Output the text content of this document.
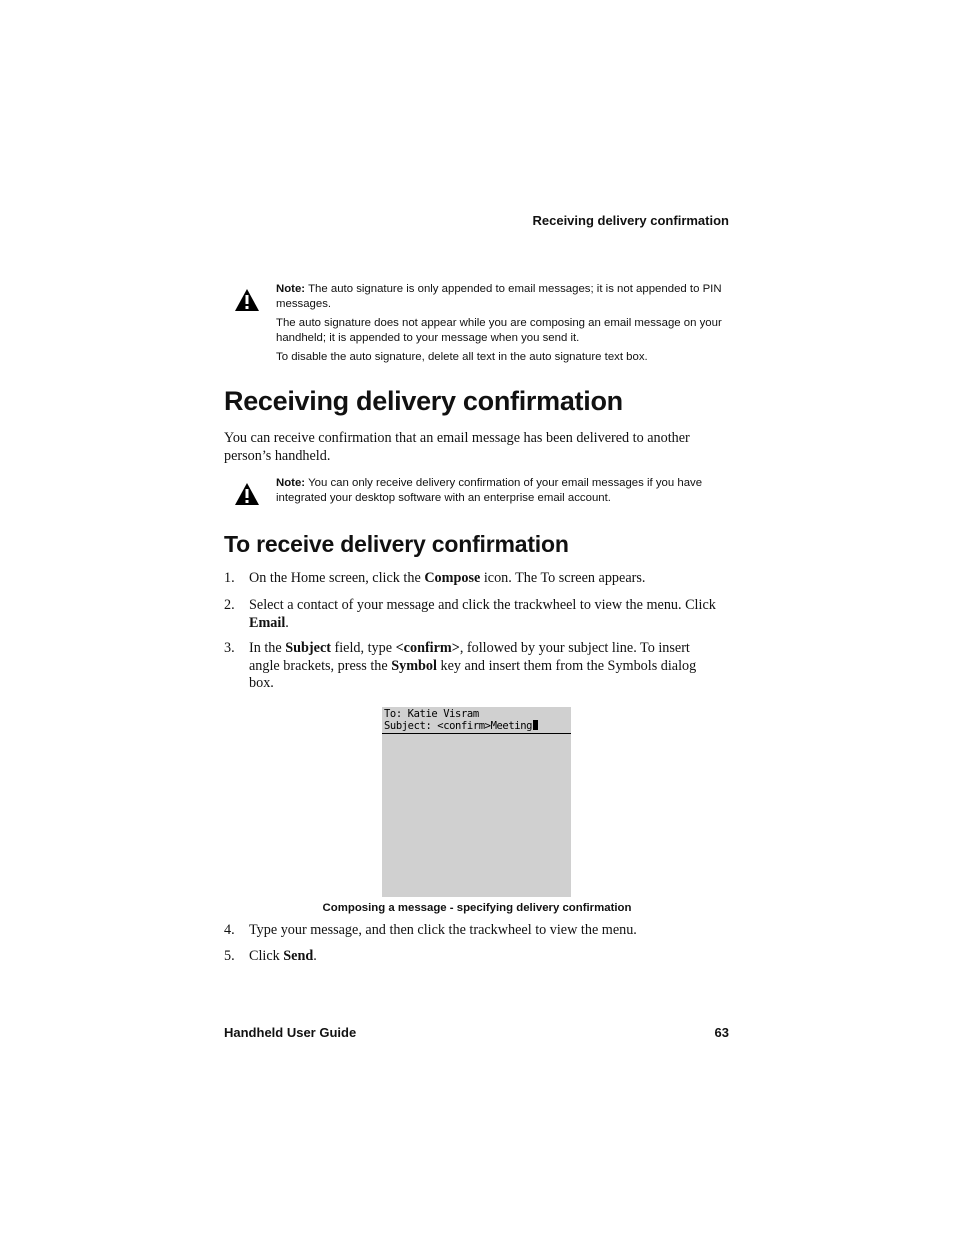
Receiving delivery confirmation

Note: The auto signature is only appended to email messages; it is not appended to PIN messages.

The auto signature does not appear while you are composing an email message on your handheld; it is appended to your message when you send it.

To disable the auto signature, delete all text in the auto signature text box.

Receiving delivery confirmation

You can receive confirmation that an email message has been delivered to another person’s handheld.

Note: You can only receive delivery confirmation of your email messages if you have integrated your desktop software with an enterprise email account.

To receive delivery confirmation
1.	On the Home screen, click the Compose icon. The To screen appears.
2.	Select a contact of your message and click the trackwheel to view the menu. Click Email.
3.	In the Subject field, type <confirm>, followed by your subject line. To insert angle brackets, press the Symbol key and insert them from the Symbols dialog box.
To: Katie Visram
Subject: <confirm>Meeting
Composing a message - specifying delivery confirmation
4.	Type your message, and then click the trackwheel to view the menu.
5.	Click Send.
Handheld User Guide	63
